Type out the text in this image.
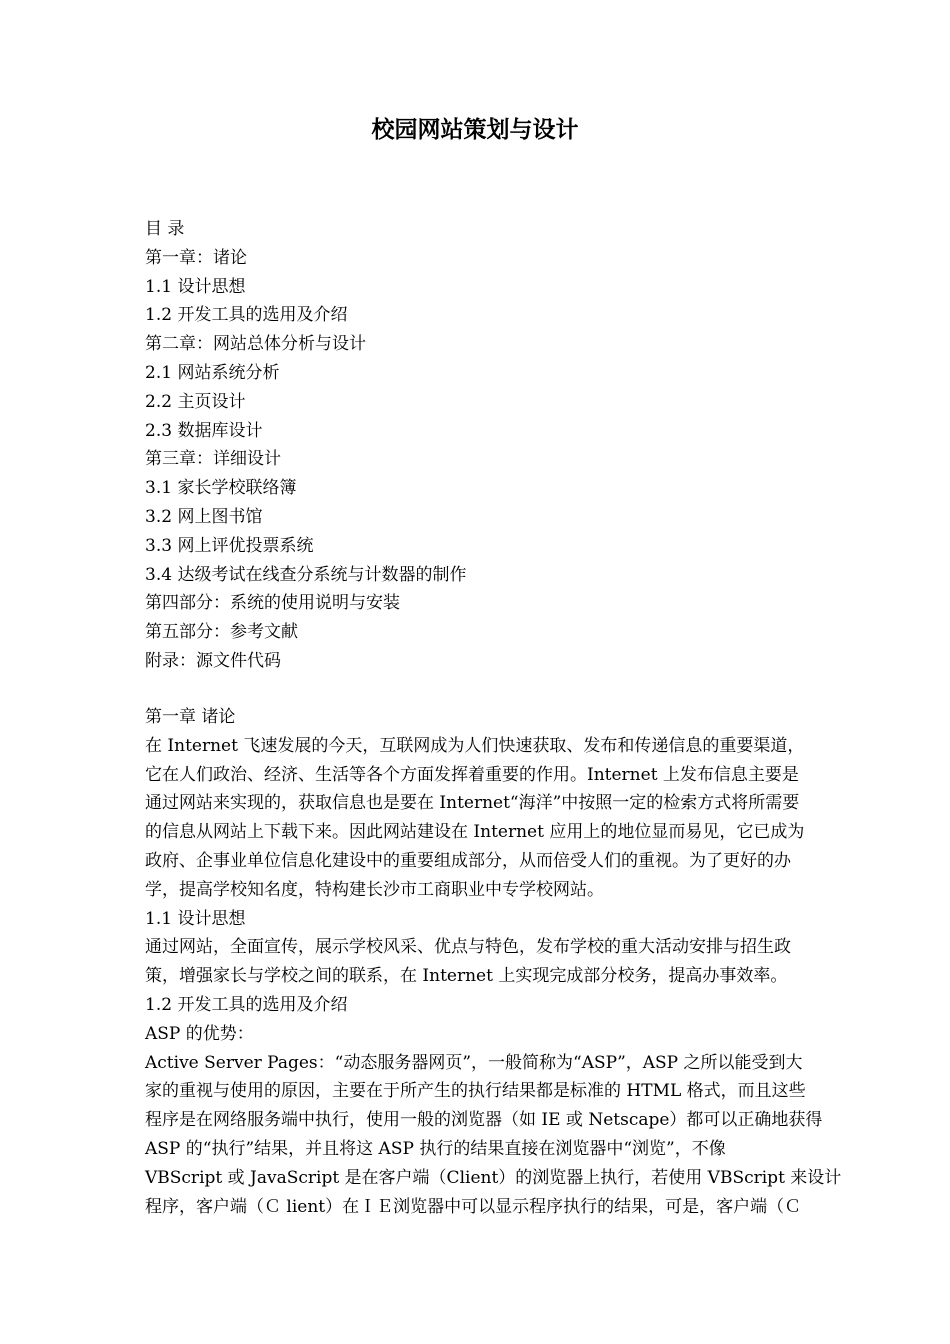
校园网站策划与设计
目 录
第一章：诸论
1.1 设计思想
1.2 开发工具的选用及介绍
第二章：网站总体分析与设计
2.1 网站系统分析
2.2 主页设计
2.3 数据库设计
第三章：详细设计
3.1 家长学校联络簿
3.2 网上图书馆
3.3 网上评优投票系统
3.4 达级考试在线查分系统与计数器的制作
第四部分：系统的使用说明与安装
第五部分：参考文献
附录：源文件代码
第一章 诸论
在 Internet 飞速发展的今天，互联网成为人们快速获取、发布和传递信息的重要渠道，
它在人们政治、经济、生活等各个方面发挥着重要的作用。Internet 上发布信息主要是
通过网站来实现的，获取信息也是要在 Internet“海洋”中按照一定的检索方式将所需要
的信息从网站上下载下来。因此网站建设在 Internet 应用上的地位显而易见，它已成为
政府、企事业单位信息化建设中的重要组成部分，从而倍受人们的重视。为了更好的办
学，提高学校知名度，特构建长沙市工商职业中专学校网站。
1.1 设计思想
通过网站，全面宣传，展示学校风采、优点与特色，发布学校的重大活动安排与招生政
策，增强家长与学校之间的联系，在 Internet 上实现完成部分校务，提高办事效率。
1.2 开发工具的选用及介绍
ASP 的优势：
Active Server Pages：“动态服务器网页”，一般简称为“ASP”，ASP 之所以能受到大
家的重视与使用的原因，主要在于所产生的执行结果都是标准的 HTML 格式，而且这些
程序是在网络服务端中执行，使用一般的浏览器（如 IE 或 Netscape）都可以正确地获得
ASP 的“执行”结果，并且将这 ASP 执行的结果直接在浏览器中“浏览”，不像
VBScript 或 JavaScript 是在客户端（Client）的浏览器上执行，若使用 VBScript 来设计
程序，客户端（Ｃ lient）在ＩＥ浏览器中可以显示程序执行的结果，可是，客户端（Ｃ
